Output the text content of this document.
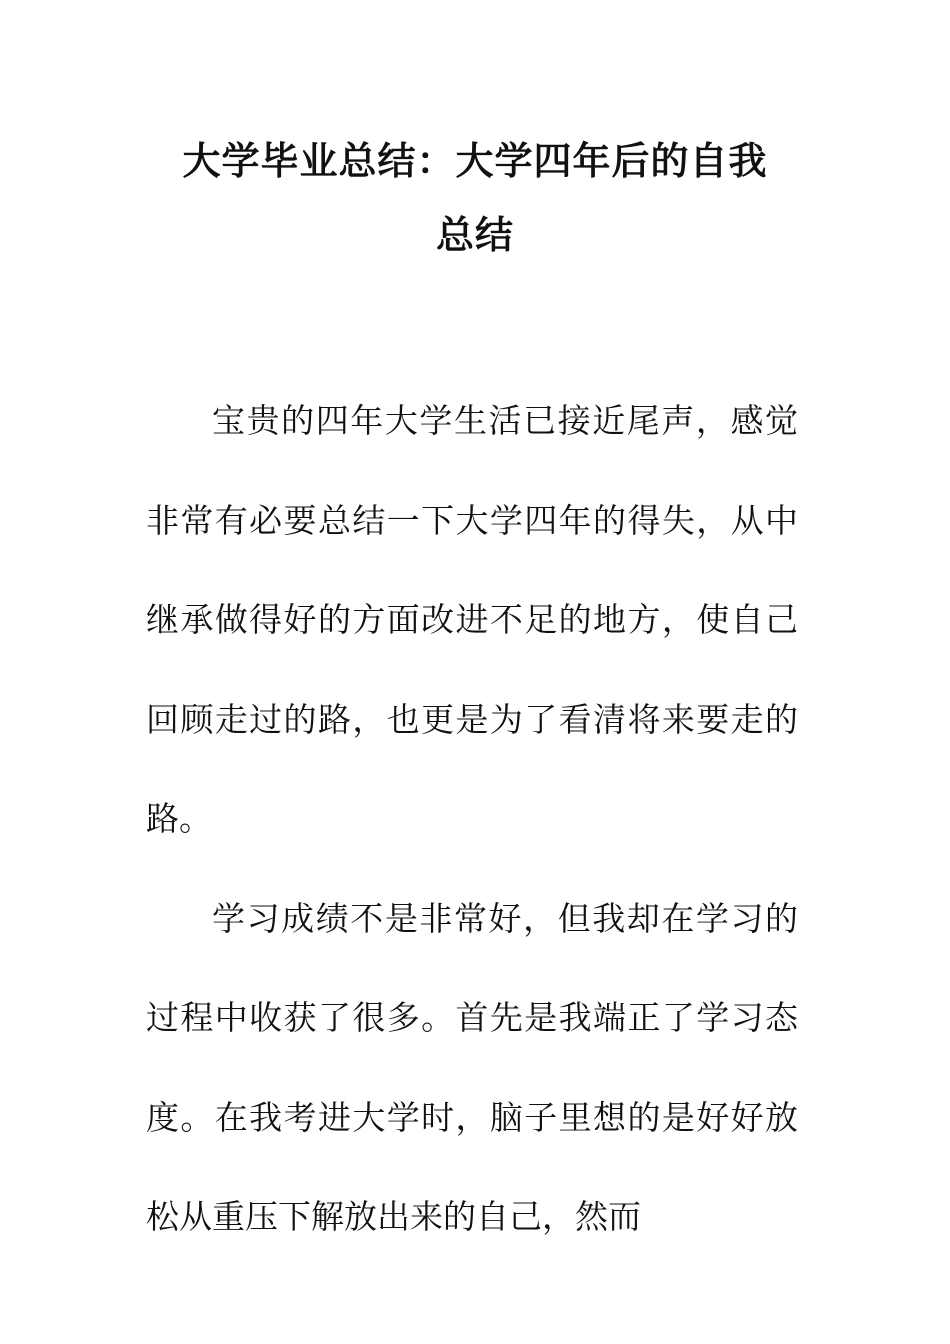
大学毕业总结：大学四年后的自我
总结

宝贵的四年大学生活已接近尾声，感觉非常有必要总结一下大学四年的得失，从中继承做得好的方面改进不足的地方，使自己回顾走过的路，也更是为了看清将来要走的路。

学习成绩不是非常好，但我却在学习的过程中收获了很多。首先是我端正了学习态度。在我考进大学时，脑子里想的是好好放松从重压下解放出来的自己，然而
